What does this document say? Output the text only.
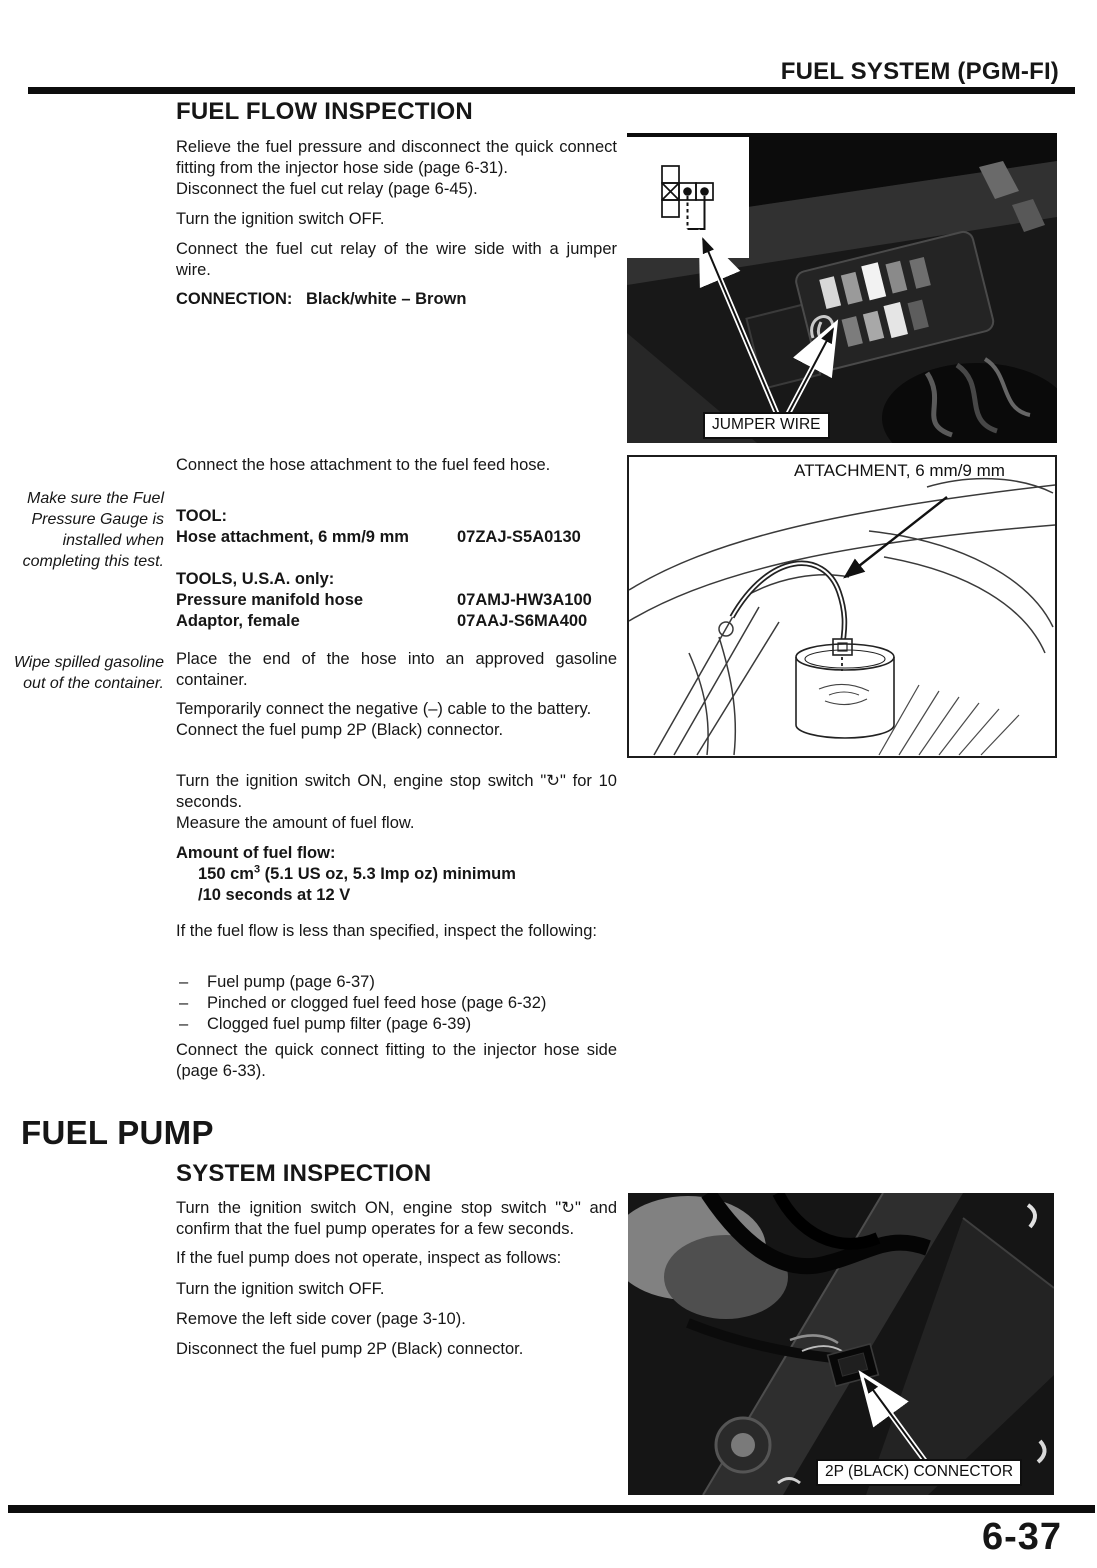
FUEL SYSTEM (PGM-FI)
FUEL FLOW INSPECTION
Relieve the fuel pressure and disconnect the quick connect fitting from the injector hose side (page 6-31).
Disconnect the fuel cut relay (page 6-45).
Turn the ignition switch OFF.
Connect the fuel cut relay of the wire side with a jumper wire.
CONNECTION: Black/white – Brown
Connect the hose attachment to the fuel feed hose.
Make sure the Fuel Pressure Gauge is installed when completing this test.
TOOL:
Hose attachment, 6 mm/9 mm	07ZAJ-S5A0130
TOOLS, U.S.A. only:
Pressure manifold hose	07AMJ-HW3A100
Adaptor, female	07AAJ-S6MA400
Wipe spilled gasoline out of the container.
Place the end of the hose into an approved gasoline container.
Temporarily connect the negative (–) cable to the battery.
Connect the fuel pump 2P (Black) connector.
Turn the ignition switch ON, engine stop switch "↻" for 10 seconds.
Measure the amount of fuel flow.
Amount of fuel flow:
150 $cm^3$ (5.1 US oz, 5.3 Imp oz) minimum
/10 seconds at 12 V
If the fuel flow is less than specified, inspect the following:
–	Fuel pump (page 6-37)
–	Pinched or clogged fuel feed hose (page 6-32)
–	Clogged fuel pump filter (page 6-39)
Connect the quick connect fitting to the injector hose side (page 6-33).
FUEL PUMP
SYSTEM INSPECTION
Turn the ignition switch ON, engine stop switch "↻" and confirm that the fuel pump operates for a few seconds.
If the fuel pump does not operate, inspect as follows:
Turn the ignition switch OFF.
Remove the left side cover (page 3-10).
Disconnect the fuel pump 2P (Black) connector.
JUMPER WIRE
ATTACHMENT, 6 mm/9 mm
2P (BLACK) CONNECTOR
6-37
